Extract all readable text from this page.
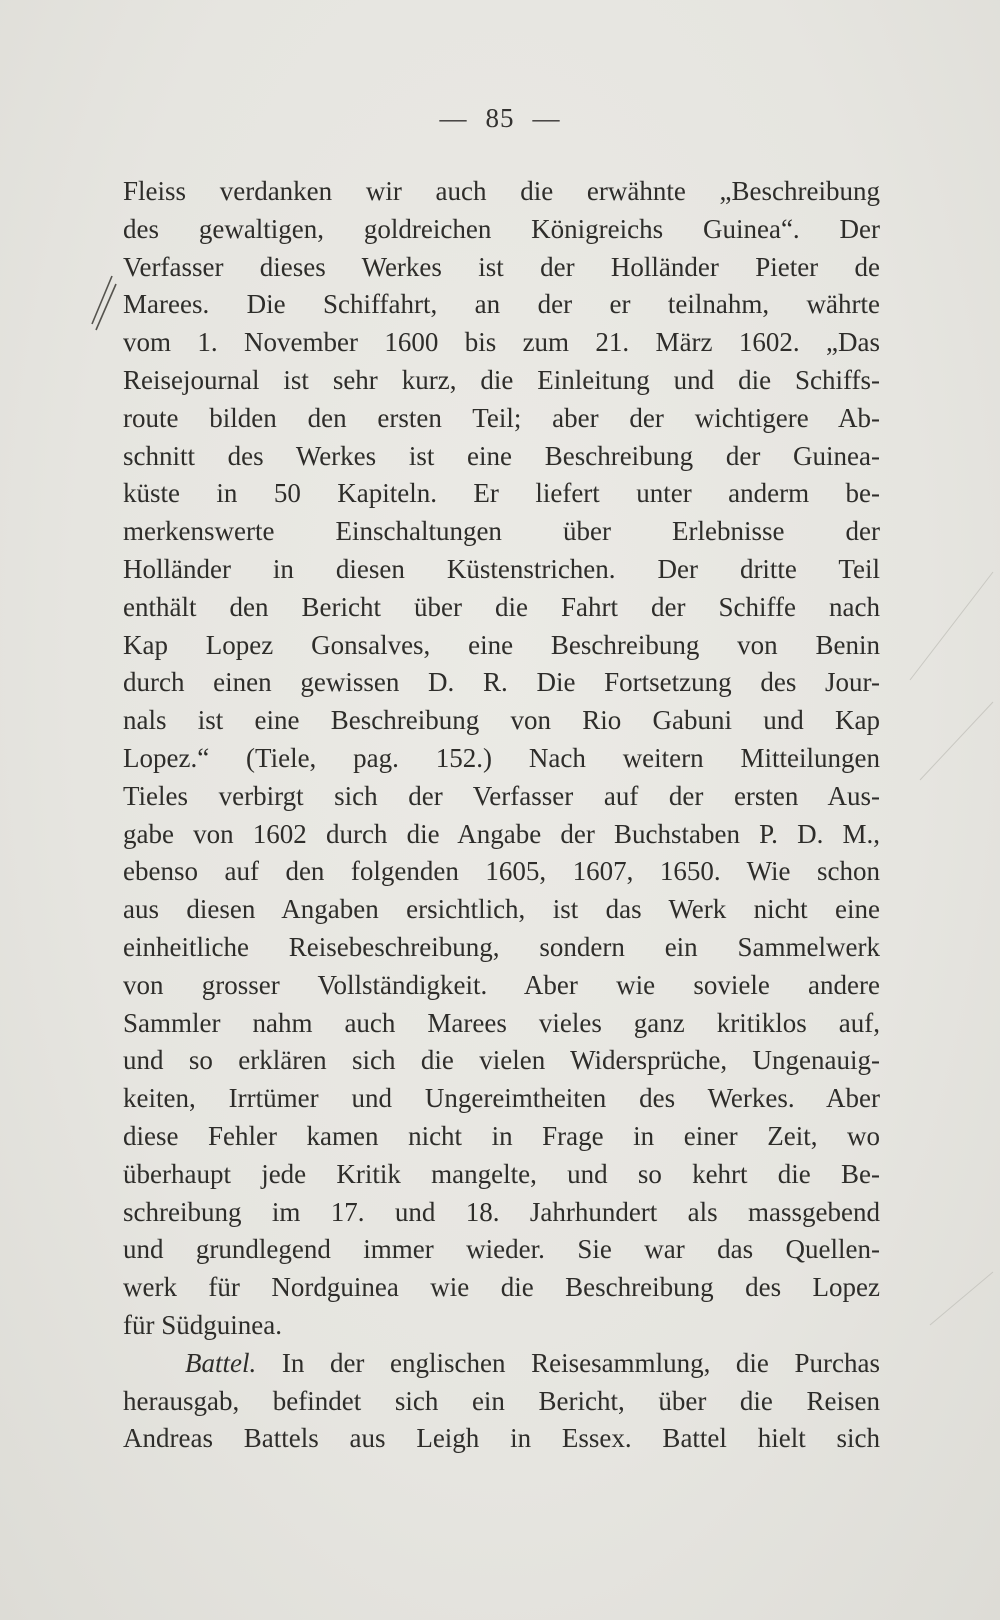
— 85 —
Fleiss verdanken wir auch die erwähnte „Beschreibung
des gewaltigen, goldreichen Königreichs Guinea“. Der
Verfasser dieses Werkes ist der Holländer Pieter de
Marees. Die Schiffahrt, an der er teilnahm, währte
vom 1. November 1600 bis zum 21. März 1602. „Das
Reisejournal ist sehr kurz, die Einleitung und die Schiffs-
route bilden den ersten Teil; aber der wichtigere Ab-
schnitt des Werkes ist eine Beschreibung der Guinea-
küste in 50 Kapiteln. Er liefert unter anderm be-
merkenswerte Einschaltungen über Erlebnisse der
Holländer in diesen Küstenstrichen. Der dritte Teil
enthält den Bericht über die Fahrt der Schiffe nach
Kap Lopez Gonsalves, eine Beschreibung von Benin
durch einen gewissen D. R. Die Fortsetzung des Jour-
nals ist eine Beschreibung von Rio Gabuni und Kap
Lopez.“ (Tiele, pag. 152.) Nach weitern Mitteilungen
Tieles verbirgt sich der Verfasser auf der ersten Aus-
gabe von 1602 durch die Angabe der Buchstaben P. D. M.,
ebenso auf den folgenden 1605, 1607, 1650. Wie schon
aus diesen Angaben ersichtlich, ist das Werk nicht eine
einheitliche Reisebeschreibung, sondern ein Sammelwerk
von grosser Vollständigkeit. Aber wie soviele andere
Sammler nahm auch Marees vieles ganz kritiklos auf,
und so erklären sich die vielen Widersprüche, Ungenauig-
keiten, Irrtümer und Ungereimtheiten des Werkes. Aber
diese Fehler kamen nicht in Frage in einer Zeit, wo
überhaupt jede Kritik mangelte, und so kehrt die Be-
schreibung im 17. und 18. Jahrhundert als massgebend
und grundlegend immer wieder. Sie war das Quellen-
werk für Nordguinea wie die Beschreibung des Lopez
für Südguinea.
Battel. In der englischen Reisesammlung, die Purchas
herausgab, befindet sich ein Bericht, über die Reisen
Andreas Battels aus Leigh in Essex. Battel hielt sich
